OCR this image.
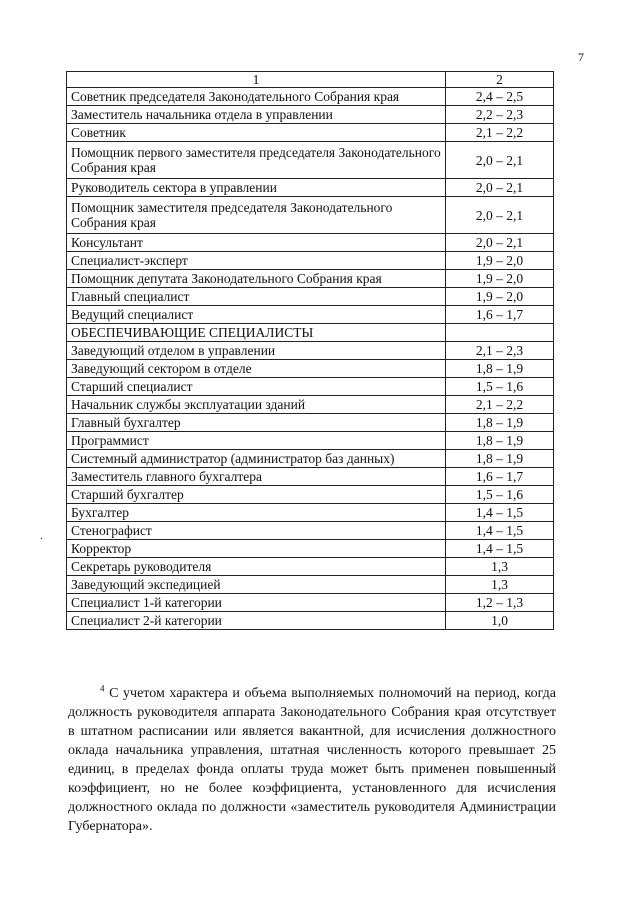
7
.
1	2
Советник председателя Законодательного Собрания края	2,4 – 2,5
Заместитель начальника отдела в управлении	2,2 – 2,3
Советник	2,1 – 2,2
Помощник первого заместителя председателя Законодательного Собрания края	2,0 – 2,1
Руководитель сектора в управлении	2,0 – 2,1
Помощник заместителя председателя Законодательного Собрания края	2,0 – 2,1
Консультант	2,0 – 2,1
Специалист-эксперт	1,9 – 2,0
Помощник депутата Законодательного Собрания края	1,9 – 2,0
Главный специалист	1,9 – 2,0
Ведущий специалист	1,6 – 1,7
ОБЕСПЕЧИВАЮЩИЕ СПЕЦИАЛИСТЫ	
Заведующий отделом в управлении	2,1 – 2,3
Заведующий сектором в отделе	1,8 – 1,9
Старший специалист	1,5 – 1,6
Начальник службы эксплуатации зданий	2,1 – 2,2
Главный бухгалтер	1,8 – 1,9
Программист	1,8 – 1,9
Системный администратор (администратор баз данных)	1,8 – 1,9
Заместитель главного бухгалтера	1,6 – 1,7
Старший бухгалтер	1,5 – 1,6
Бухгалтер	1,4 – 1,5
Стенографист	1,4 – 1,5
Корректор	1,4 – 1,5
Секретарь руководителя	1,3
Заведующий экспедицией	1,3
Специалист 1-й категории	1,2 – 1,3
Специалист 2-й категории	1,0
$^4$ С учетом характера и объема выполняемых полномочий на период, когда должность руководителя аппарата Законодательного Собрания края отсутствует в штатном расписании или является вакантной, для исчисления должностного оклада начальника управления, штатная численность которого превышает 25 единиц, в пределах фонда оплаты труда может быть применен повышенный коэффициент, но не более коэффициента, установленного для исчисления должностного оклада по должности «заместитель руководителя Администрации Губернатора».
